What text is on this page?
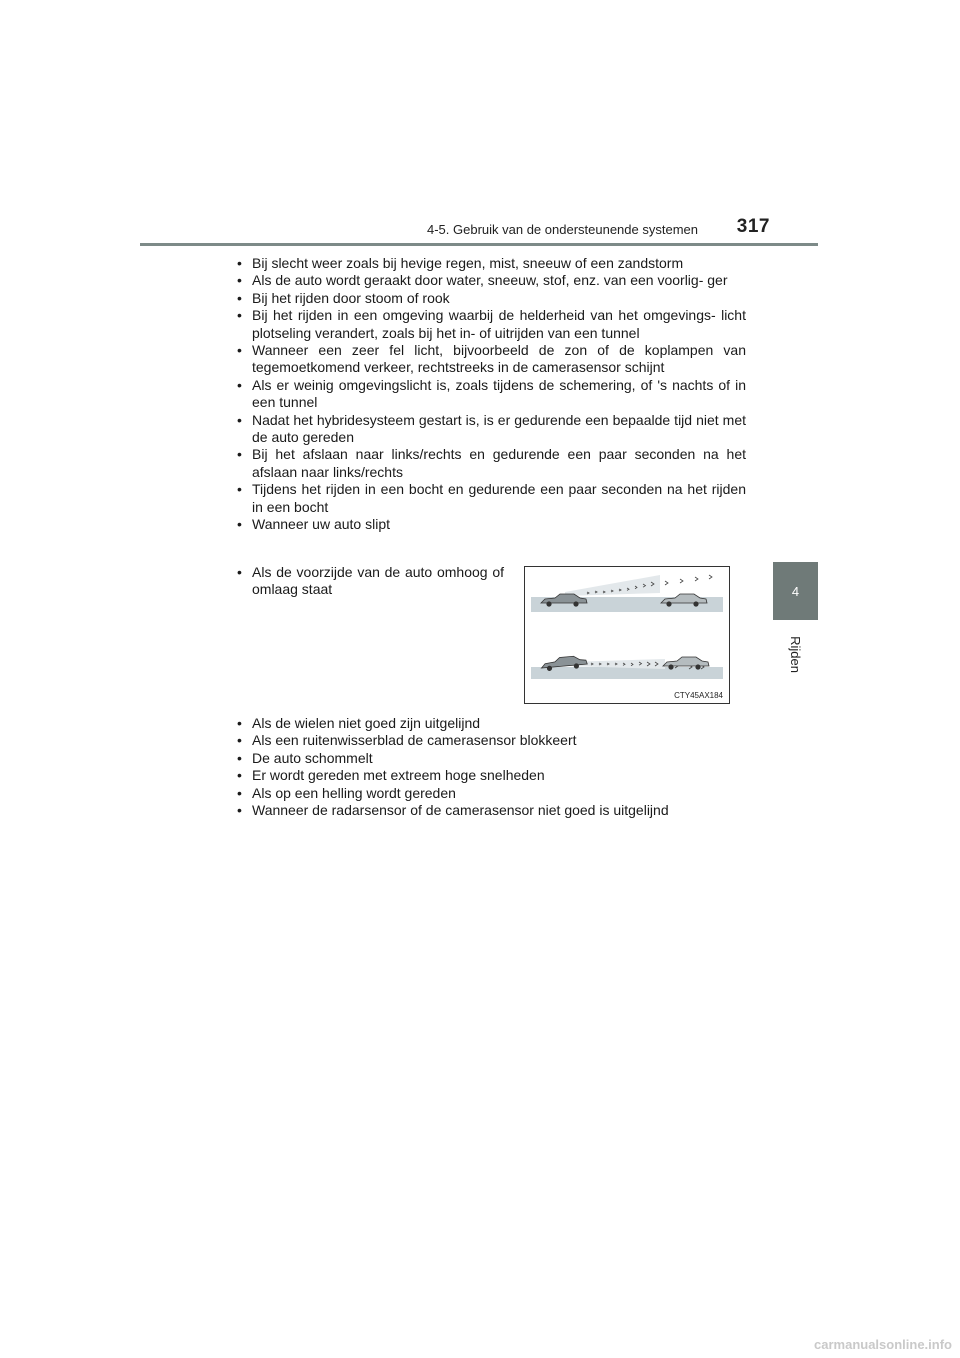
4-5. Gebruik van de ondersteunende systemen 317
4
Rijden
• Bij slecht weer zoals bij hevige regen, mist, sneeuw of een zandstorm
• Als de auto wordt geraakt door water, sneeuw, stof, enz. van een voorlig- ger
• Bij het rijden door stoom of rook
• Bij het rijden in een omgeving waarbij de helderheid van het omgevings- licht plotseling verandert, zoals bij het in- of uitrijden van een tunnel
• Wanneer een zeer fel licht, bijvoorbeeld de zon of de koplampen van tegemoetkomend verkeer, rechtstreeks in de camerasensor schijnt
• Als er weinig omgevingslicht is, zoals tijdens de schemering, of 's nachts of in een tunnel
• Nadat het hybridesysteem gestart is, is er gedurende een bepaalde tijd niet met de auto gereden
• Bij het afslaan naar links/rechts en gedurende een paar seconden na het afslaan naar links/rechts
• Tijdens het rijden in een bocht en gedurende een paar seconden na het rijden in een bocht
• Wanneer uw auto slipt
• Als de voorzijde van de auto omhoog of omlaag staat
CTY45AX184
• Als de wielen niet goed zijn uitgelijnd
• Als een ruitenwisserblad de camerasensor blokkeert
• De auto schommelt
• Er wordt gereden met extreem hoge snelheden
• Als op een helling wordt gereden
• Wanneer de radarsensor of de camerasensor niet goed is uitgelijnd
carmanualsonline.info
